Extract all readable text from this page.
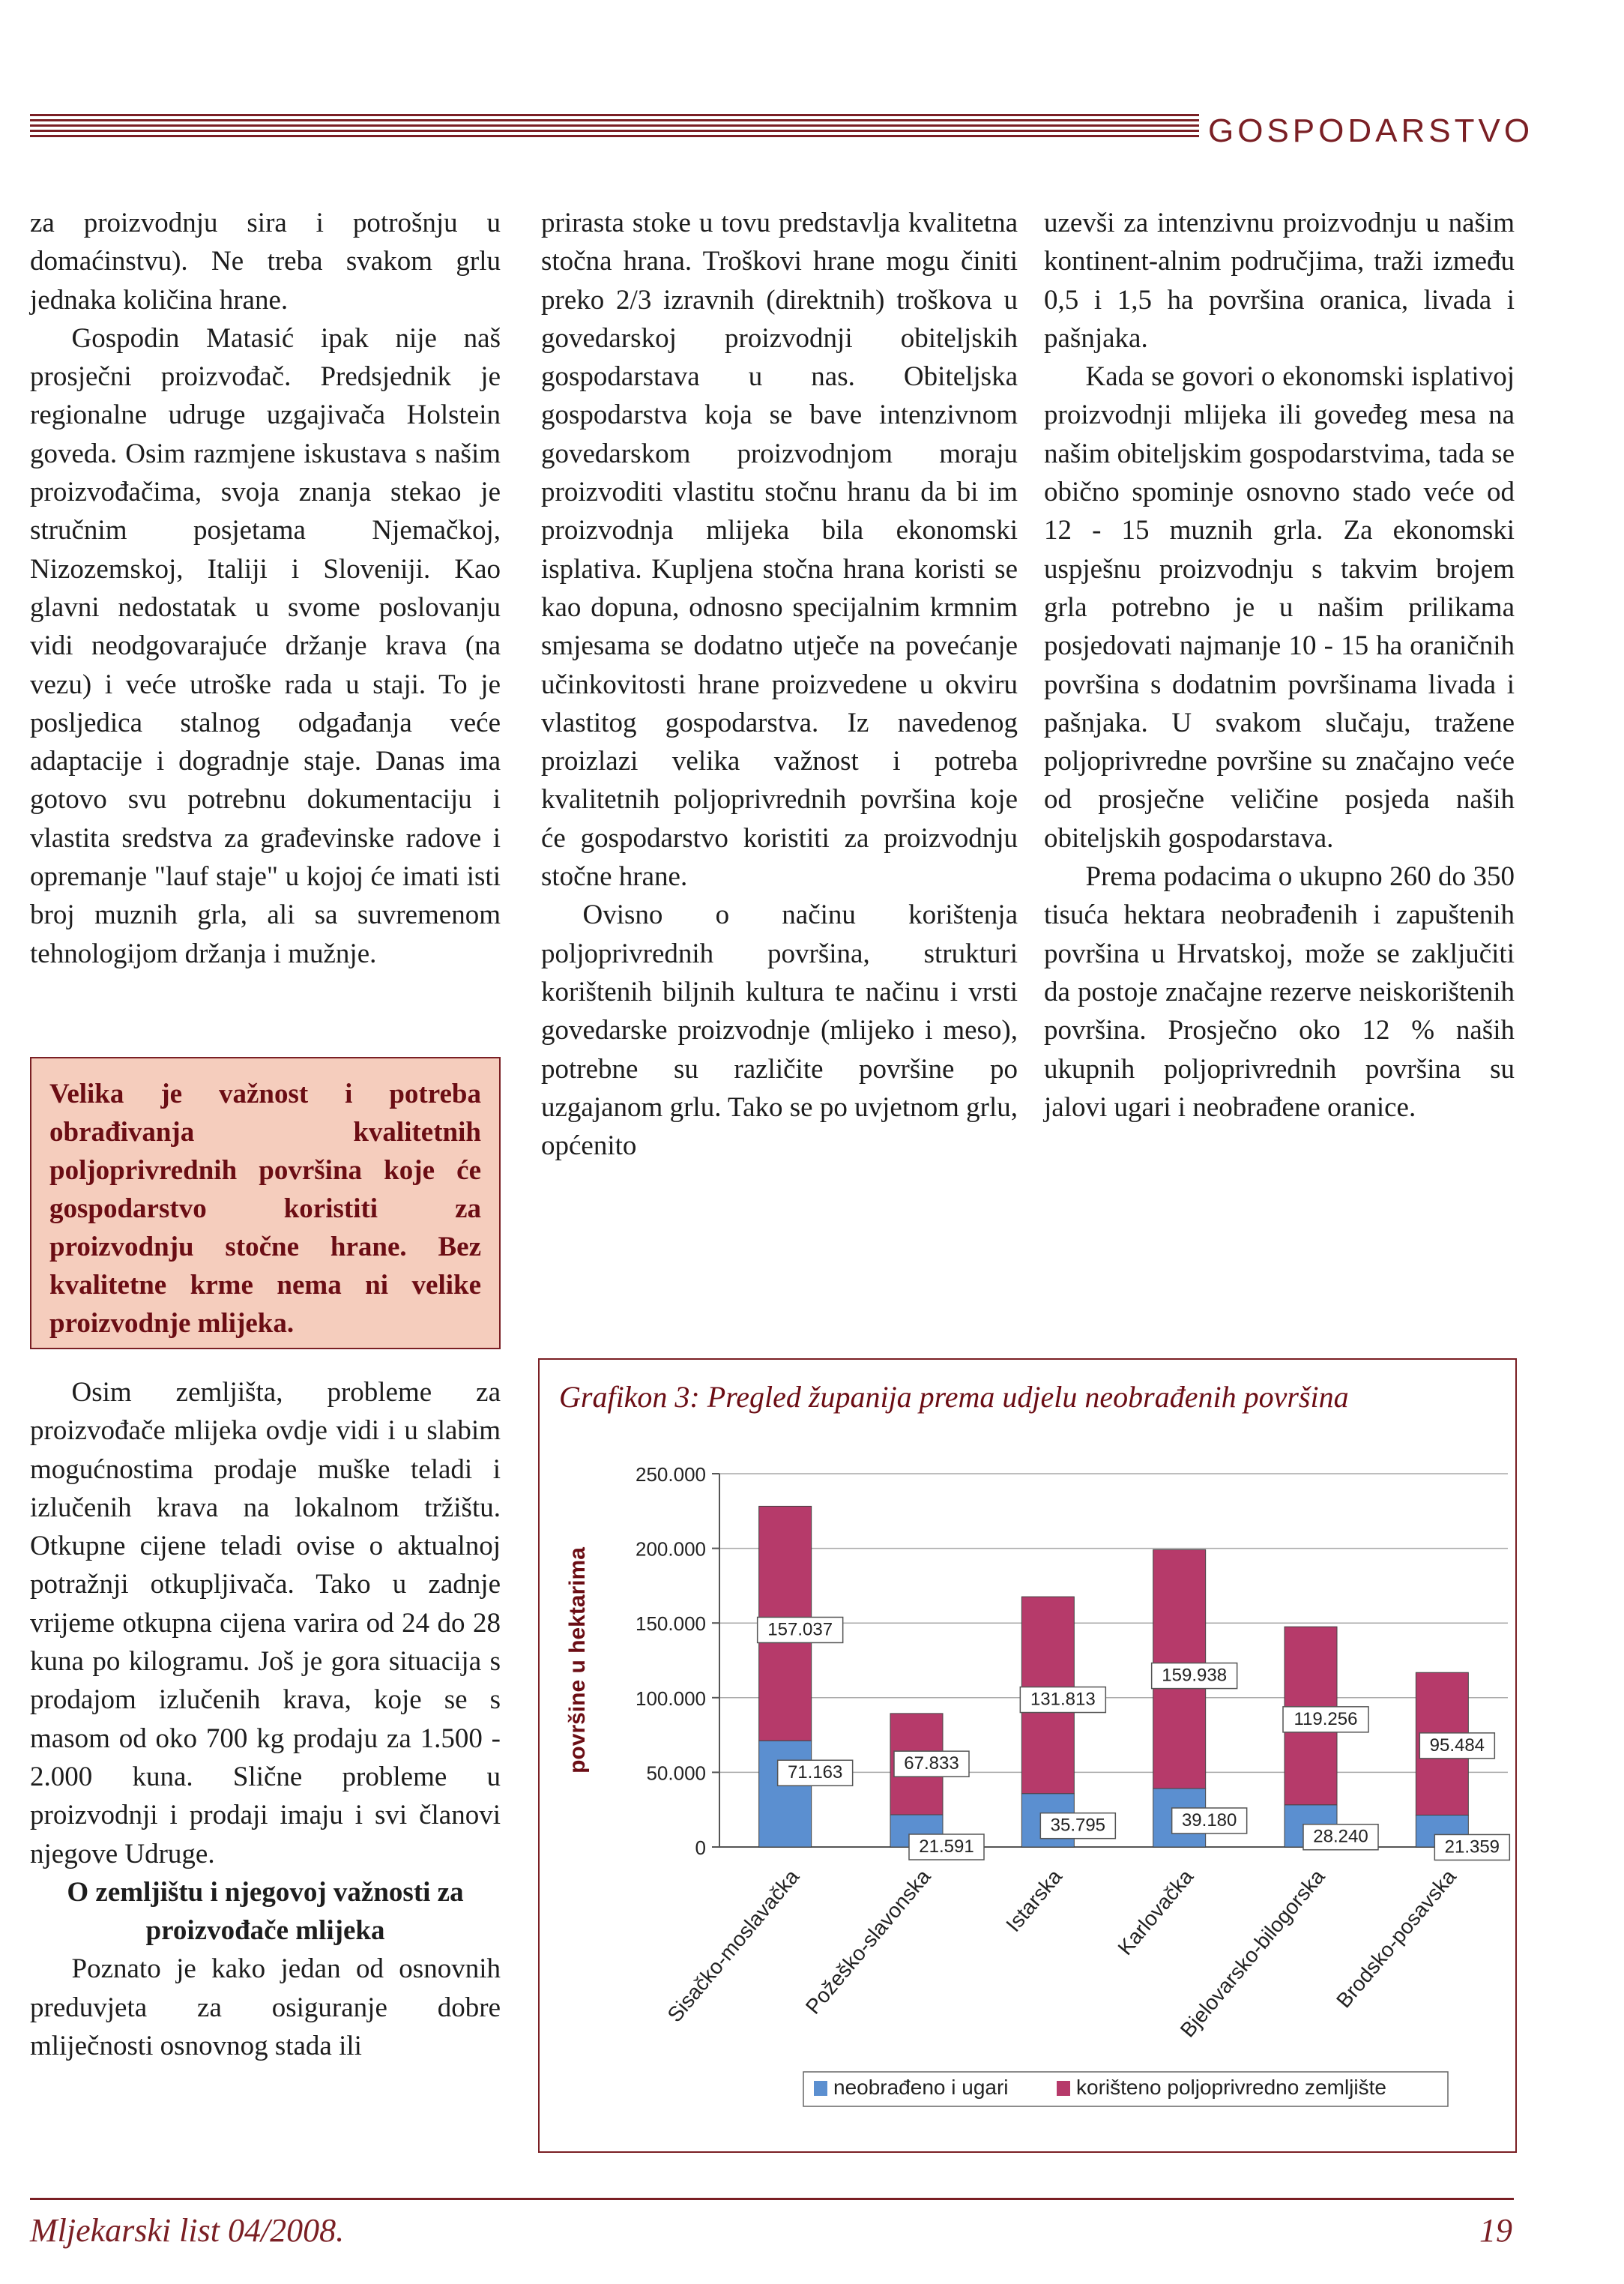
GOSPODARSTVO

za proizvodnju sira i potrošnju u domaćinstvu). Ne treba svakom grlu jednaka količina hrane.

Gospodin Matasić ipak nije naš prosječni proizvođač. Predsjednik je regionalne udruge uzgajivača Holstein goveda. Osim razmjene iskustava s našim proizvođačima, svoja znanja stekao je stručnim posjetama Njemačkoj, Nizozemskoj, Italiji i Sloveniji. Kao glavni nedostatak u svome poslovanju vidi neodgovarajuće držanje krava (na vezu) i veće utroške rada u staji. To je posljedica stalnog odgađanja veće adaptacije i dogradnje staje. Danas ima gotovo svu potrebnu dokumentaciju i vlastita sredstva za građevinske radove i opremanje "lauf staje" u kojoj će imati isti broj muznih grla, ali sa suvremenom tehnologijom držanja i mužnje.

Velika je važnost i potreba obrađivanja kvalitetnih poljoprivrednih površina koje će gospodarstvo koristiti za proizvodnju stočne hrane. Bez kvalitetne krme nema ni velike proizvodnje mlijeka.

Osim zemljišta, probleme za proizvođače mlijeka ovdje vidi i u slabim mogućnostima prodaje muške teladi i izlučenih krava na lokalnom tržištu. Otkupne cijene teladi ovise o aktualnoj potražnji otkupljivača. Tako u zadnje vrijeme otkupna cijena varira od 24 do 28 kuna po kilogramu. Još je gora situacija s prodajom izlučenih krava, koje se s masom od oko 700 kg prodaju za 1.500 - 2.000 kuna. Slične probleme u proizvodnji i prodaji imaju i svi članovi njegove Udruge.

O zemljištu i njegovoj važnosti za proizvođače mlijeka

Poznato je kako jedan od osnovnih preduvjeta za osiguranje dobre mliječnosti osnovnog stada ili

prirasta stoke u tovu predstavlja kvalitetna stočna hrana. Troškovi hrane mogu činiti preko 2/3 izravnih (direktnih) troškova u govedarskoj proizvodnji obiteljskih gospodarstava u nas. Obiteljska gospodarstva koja se bave intenzivnom govedarskom proizvodnjom moraju proizvoditi vlastitu stočnu hranu da bi im proizvodnja mlijeka bila ekonomski isplativa. Kupljena stočna hrana koristi se kao dopuna, odnosno specijalnim krmnim smjesama se dodatno utječe na povećanje učinkovitosti hrane proizvedene u okviru vlastitog gospodarstva. Iz navedenog proizlazi velika važnost i potreba kvalitetnih poljoprivrednih površina koje će gospodarstvo koristiti za proizvodnju stočne hrane.

Ovisno o načinu korištenja poljoprivrednih površina, strukturi korištenih biljnih kultura te načinu i vrsti govedarske proizvodnje (mlijeko i meso), potrebne su različite površine po uzgajanom grlu. Tako se po uvjetnom grlu, općenito

uzevši za intenzivnu proizvodnju u našim kontinent-alnim područjima, traži između 0,5 i 1,5 ha površina oranica, livada i pašnjaka.

Kada se govori o ekonomski isplativoj proizvodnji mlijeka ili goveđeg mesa na našim obiteljskim gospodarstvima, tada se obično spominje osnovno stado veće od 12 - 15 muznih grla. Za ekonomski uspješnu proizvodnju s takvim brojem grla potrebno je u našim prilikama posjedovati najmanje 10 - 15 ha oraničnih površina s dodatnim površinama livada i pašnjaka. U svakom slučaju, tražene poljoprivredne površine su značajno veće od prosječne veličine posjeda naših obiteljskih gospodarstava.

Prema podacima o ukupno 260 do 350 tisuća hektara neobrađenih i zapuštenih površina u Hrvatskoj, može se zaključiti da postoje značajne rezerve neiskorištenih površina. Prosječno oko 12 % naših ukupnih poljoprivrednih površina su jalovi ugari i neobrađene oranice.

Grafikon 3: Pregled županija prema udjelu neobrađenih površina
0
50.000
100.000
150.000
200.000
250.000
površine u hektarima	157.037
71.163
Sisačko-moslavačka
67.833
21.591
Požeško-slavonska
131.813
35.795
Istarska
159.938
39.180
Karlovačka
119.256
28.240
Bjelovarsko-bilogorska
95.484
21.359
Brodsko-posavska
neobrađeno i ugari	korišteno poljoprivredno zemljište
Mljekarski list 04/2008.	19
